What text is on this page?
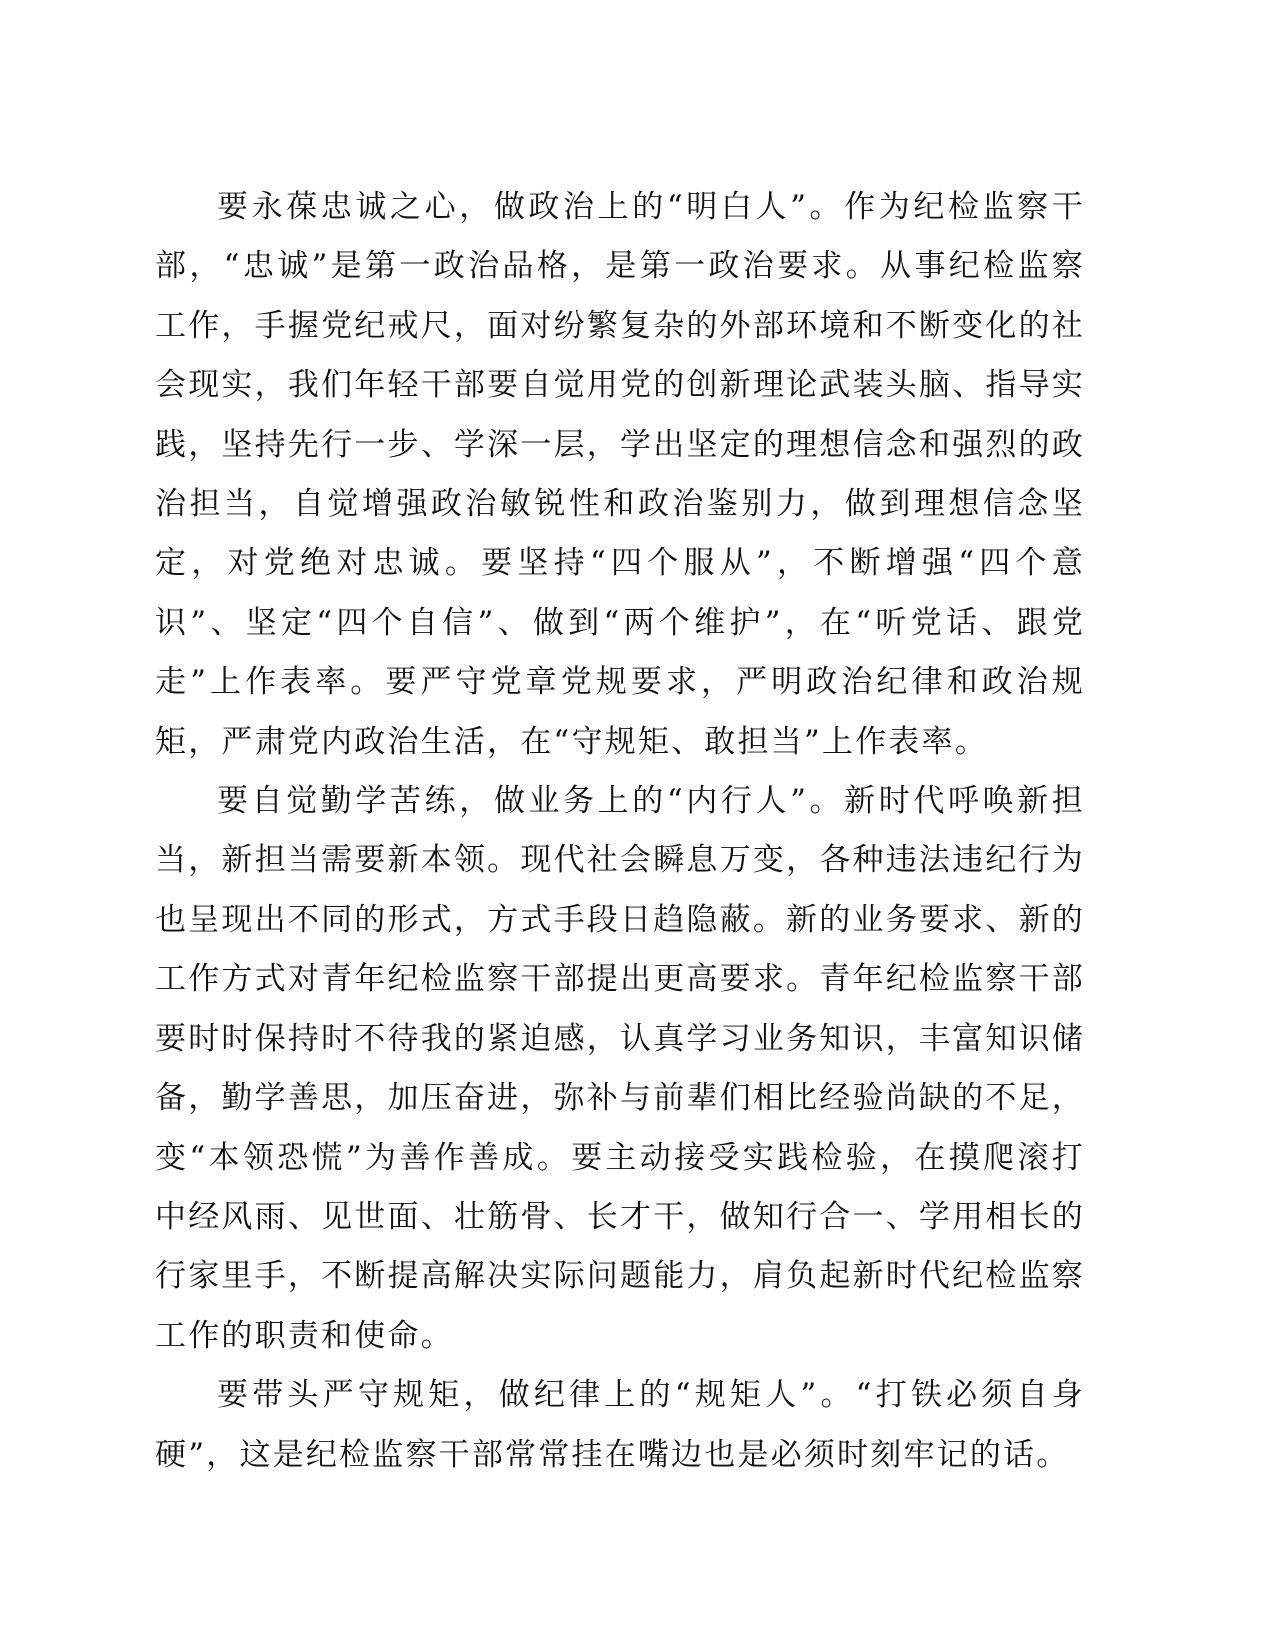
要永葆忠诚之心，做政治上的“明白人”。作为纪检监察干部，“忠诚”是第一政治品格，是第一政治要求。从事纪检监察工作，手握党纪戒尺，面对纷繁复杂的外部环境和不断变化的社会现实，我们年轻干部要自觉用党的创新理论武装头脑、指导实践，坚持先行一步、学深一层，学出坚定的理想信念和强烈的政治担当，自觉增强政治敏锐性和政治鉴别力，做到理想信念坚定，对党绝对忠诚。要坚持“四个服从”，不断增强“四个意识”、坚定“四个自信”、做到“两个维护”，在“听党话、跟党走”上作表率。要严守党章党规要求，严明政治纪律和政治规矩，严肃党内政治生活，在“守规矩、敢担当”上作表率。

要自觉勤学苦练，做业务上的“内行人”。新时代呼唤新担当，新担当需要新本领。现代社会瞬息万变，各种违法违纪行为也呈现出不同的形式，方式手段日趋隐蔽。新的业务要求、新的工作方式对青年纪检监察干部提出更高要求。青年纪检监察干部要时时保持时不待我的紧迫感，认真学习业务知识，丰富知识储备，勤学善思，加压奋进，弥补与前辈们相比经验尚缺的不足，变“本领恐慌”为善作善成。要主动接受实践检验，在摸爬滚打中经风雨、见世面、壮筋骨、长才干，做知行合一、学用相长的行家里手，不断提高解决实际问题能力，肩负起新时代纪检监察工作的职责和使命。

要带头严守规矩，做纪律上的“规矩人”。“打铁必须自身硬”，这是纪检监察干部常常挂在嘴边也是必须时刻牢记的话。
